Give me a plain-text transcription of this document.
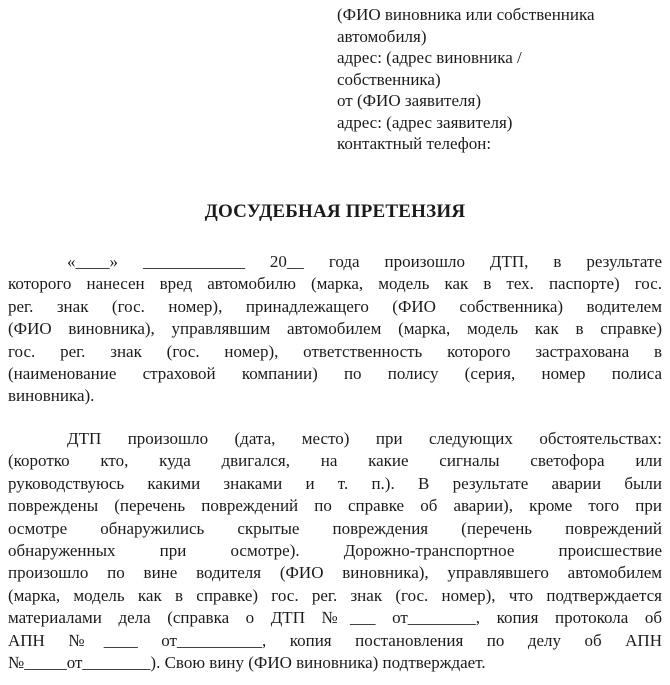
(ФИО виновника или собственника
автомобиля)
адрес: (адрес виновника /
собственника)
от (ФИО заявителя)
адрес: (адрес заявителя)
контактный телефон:
ДОСУДЕБНАЯ ПРЕТЕНЗИЯ
«____» ____________ 20__ года произошло ДТП, в результате
которого нанесен вред автомобилю (марка, модель как в тех. паспорте) гос.
рег. знак (гос. номер), принадлежащего (ФИО собственника) водителем
(ФИО виновника), управлявшим автомобилем (марка, модель как в справке)
гос. рег. знак (гос. номер), ответственность которого застрахована в
(наименование страховой компании) по полису (серия, номер полиса
виновника).
ДТП произошло (дата, место) при следующих обстоятельствах:
(коротко кто, куда двигался, на какие сигналы светофора или
руководствуюсь какими знаками и т. п.). В результате аварии были
повреждены (перечень повреждений по справке об аварии), кроме того при
осмотре обнаружились скрытые повреждения (перечень повреждений
обнаруженных при осмотре). Дорожно-транспортное происшествие
произошло по вине водителя (ФИО виновника), управлявшего автомобилем
(марка, модель как в справке) гос. рег. знак (гос. номер), что подтверждается
материалами дела (справка о ДТП №___ от________, копия протокола об
АПН №____ от__________, копия постановления по делу об АПН
№_____от________). Свою вину (ФИО виновника) подтверждает.
